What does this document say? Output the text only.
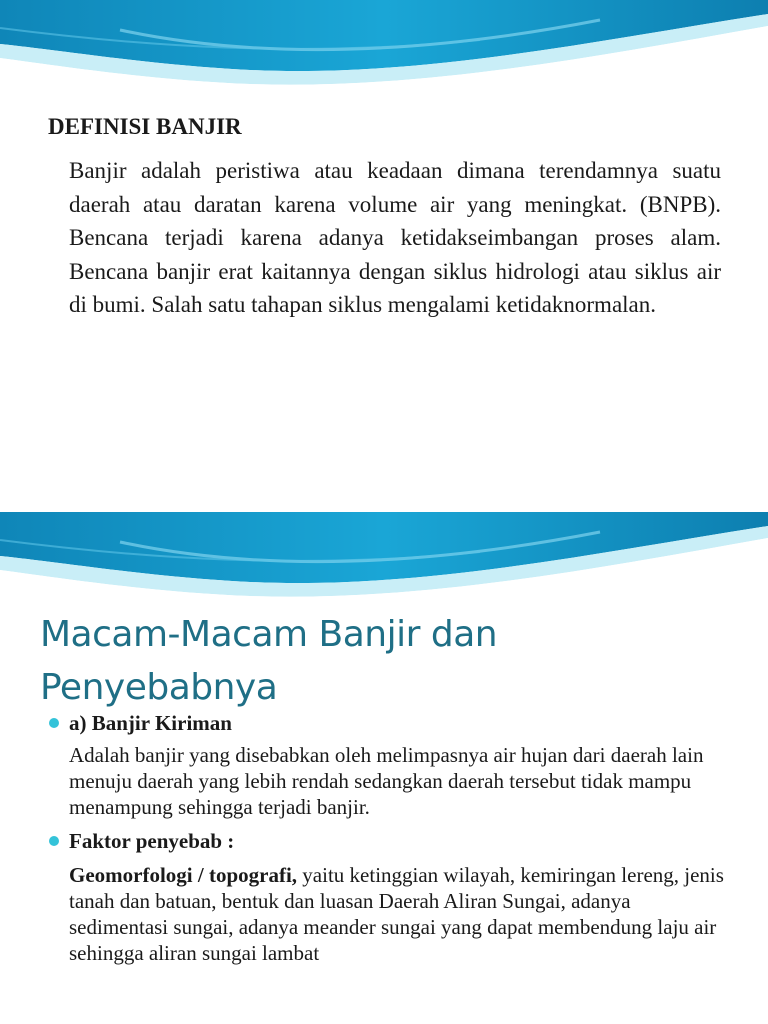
DEFINISI BANJIR

Banjir adalah peristiwa atau keadaan dimana terendamnya suatu daerah atau daratan karena volume air yang meningkat. (BNPB). Bencana terjadi karena adanya ketidakseimbangan proses alam. Bencana banjir erat kaitannya dengan siklus hidrologi atau siklus air di bumi. Salah satu tahapan siklus mengalami ketidaknormalan.

Macam-Macam Banjir dan
Penyebabnya

a) Banjir Kiriman

Adalah banjir yang disebabkan oleh melimpasnya air hujan dari daerah lain menuju daerah yang lebih rendah sedangkan daerah tersebut tidak mampu menampung sehingga terjadi banjir.

Faktor penyebab :

Geomorfologi / topografi, yaitu ketinggian wilayah, kemiringan lereng, jenis tanah dan batuan, bentuk dan luasan Daerah Aliran Sungai, adanya sedimentasi sungai, adanya meander sungai yang dapat membendung laju air sehingga aliran sungai lambat
